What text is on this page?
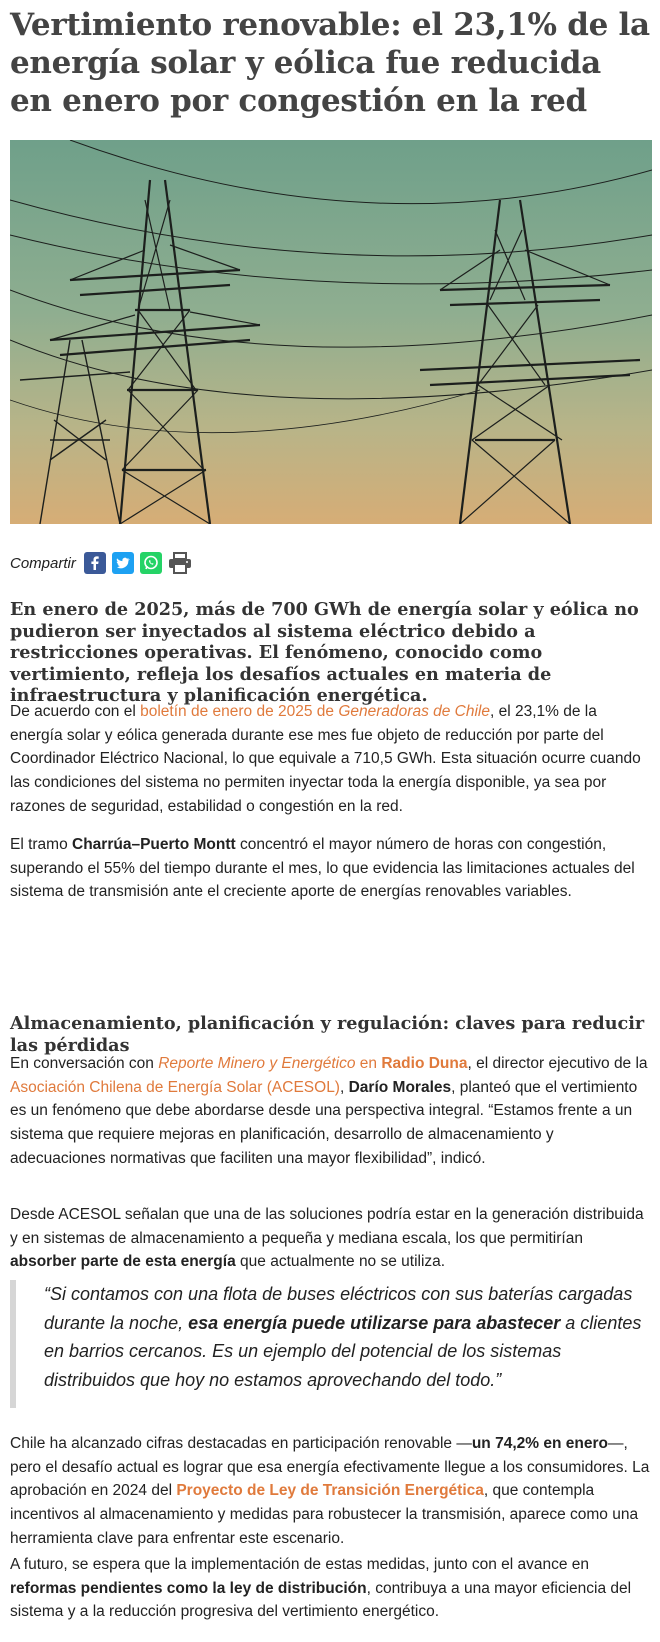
Vertimiento renovable: el 23,1% de la energía solar y eólica fue reducida en enero por congestión en la red
Compartir

En enero de 2025, más de 700 GWh de energía solar y eólica no pudieron ser inyectados al sistema eléctrico debido a restricciones operativas. El fenómeno, conocido como vertimiento, refleja los desafíos actuales en materia de infraestructura y planificación energética.

De acuerdo con el boletín de enero de 2025 de Generadoras de Chile, el 23,1% de la energía solar y eólica generada durante ese mes fue objeto de reducción por parte del Coordinador Eléctrico Nacional, lo que equivale a 710,5 GWh. Esta situación ocurre cuando las condiciones del sistema no permiten inyectar toda la energía disponible, ya sea por razones de seguridad, estabilidad o congestión en la red.

El tramo Charrúa–Puerto Montt concentró el mayor número de horas con congestión, superando el 55% del tiempo durante el mes, lo que evidencia las limitaciones actuales del sistema de transmisión ante el creciente aporte de energías renovables variables.

Almacenamiento, planificación y regulación: claves para reducir las pérdidas

En conversación con Reporte Minero y Energético en Radio Duna, el director ejecutivo de la Asociación Chilena de Energía Solar (ACESOL), Darío Morales, planteó que el vertimiento es un fenómeno que debe abordarse desde una perspectiva integral. “Estamos frente a un sistema que requiere mejoras en planificación, desarrollo de almacenamiento y adecuaciones normativas que faciliten una mayor flexibilidad”, indicó.

Desde ACESOL señalan que una de las soluciones podría estar en la generación distribuida y en sistemas de almacenamiento a pequeña y mediana escala, los que permitirían absorber parte de esta energía que actualmente no se utiliza.

“Si contamos con una flota de buses eléctricos con sus baterías cargadas durante la noche, esa energía puede utilizarse para abastecer a clientes en barrios cercanos. Es un ejemplo del potencial de los sistemas distribuidos que hoy no estamos aprovechando del todo.”

Chile ha alcanzado cifras destacadas en participación renovable —un 74,2% en enero—, pero el desafío actual es lograr que esa energía efectivamente llegue a los consumidores. La aprobación en 2024 del Proyecto de Ley de Transición Energética, que contempla incentivos al almacenamiento y medidas para robustecer la transmisión, aparece como una herramienta clave para enfrentar este escenario.

A futuro, se espera que la implementación de estas medidas, junto con el avance en reformas pendientes como la ley de distribución, contribuya a una mayor eficiencia del sistema y a la reducción progresiva del vertimiento energético.
